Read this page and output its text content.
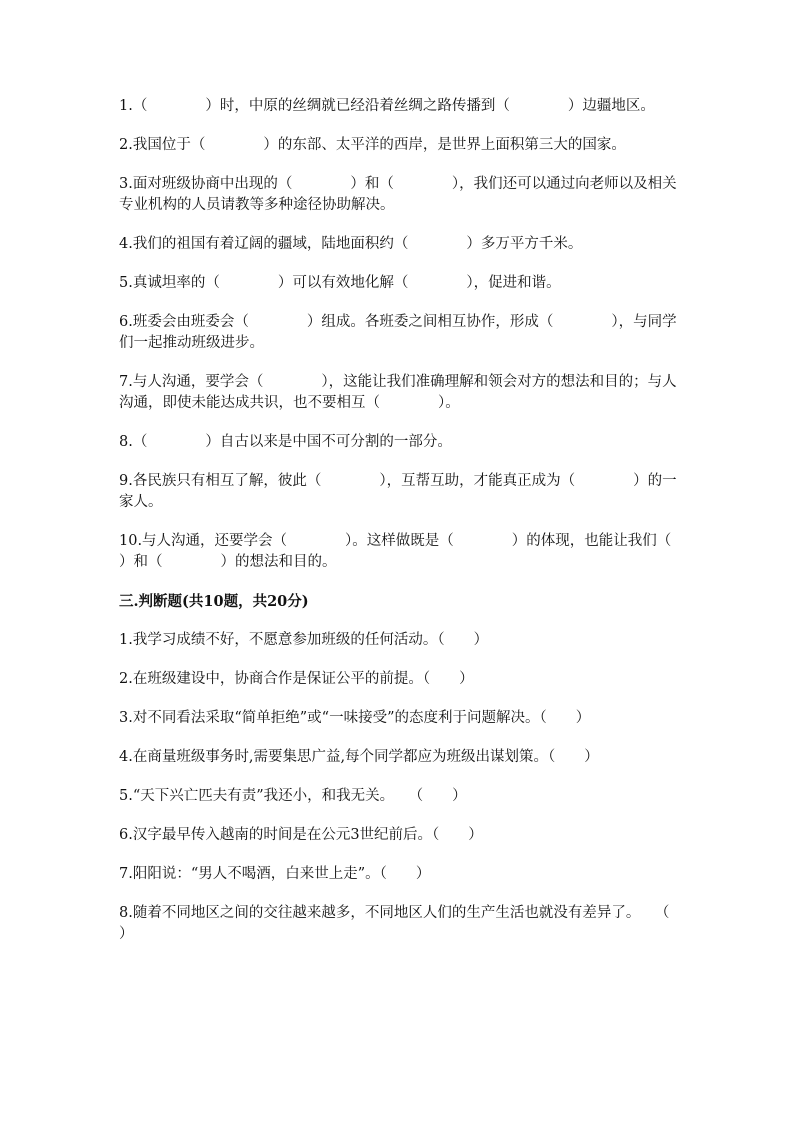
1.（　　　　）时，中原的丝绸就已经沿着丝绸之路传播到（　　　　）边疆地区。

2.我国位于（　　　　）的东部、太平洋的西岸，是世界上面积第三大的国家。

3.面对班级协商中出现的（　　　　）和（　　　　），我们还可以通过向老师以及相关专业机构的人员请教等多种途径协助解决。

4.我们的祖国有着辽阔的疆域，陆地面积约（　　　　）多万平方千米。

5.真诚坦率的（　　　　）可以有效地化解（　　　　），促进和谐。

6.班委会由班委会（　　　　）组成。各班委之间相互协作，形成（　　　　），与同学们一起推动班级进步。

7.与人沟通，要学会（　　　　），这能让我们准确理解和领会对方的想法和目的；与人沟通，即使未能达成共识，也不要相互（　　　　）。

8.（　　　　）自古以来是中国不可分割的一部分。

9.各民族只有相互了解，彼此（　　　　），互帮互助，才能真正成为（　　　　）的一家人。

10.与人沟通，还要学会（　　　　）。这样做既是（　　　　）的体现，也能让我们（　　　　）和（　　　　）的想法和目的。

三.判断题(共10题，共20分)

1.我学习成绩不好，不愿意参加班级的任何活动。（　　）

2.在班级建设中，协商合作是保证公平的前提。（　　）

3.对不同看法采取“简单拒绝”或“一味接受”的态度利于问题解决。（　　）

4.在商量班级事务时,需要集思广益,每个同学都应为班级出谋划策。（　　）

5.“天下兴亡匹夫有责”我还小，和我无关。　　（　　）

6.汉字最早传入越南的时间是在公元3世纪前后。（　　）

7.阳阳说：“男人不喝酒，白来世上走”。（　　）

8.随着不同地区之间的交往越来越多，不同地区人们的生产生活也就没有差异了。　　（　　）
